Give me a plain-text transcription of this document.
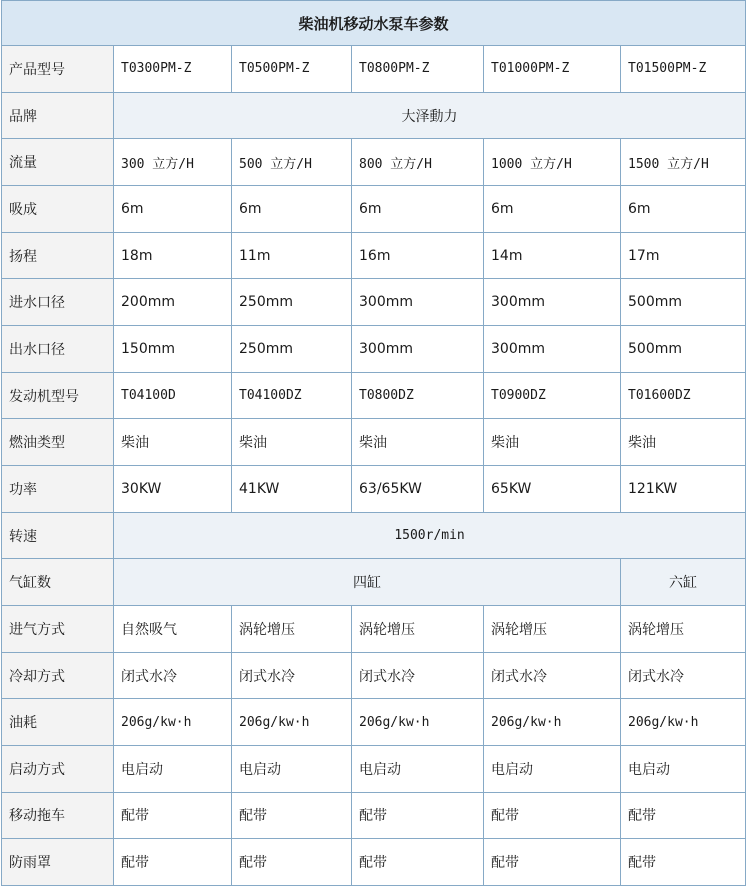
柴油机移动水泵车参数					
产品型号	T0300PM-Z	T0500PM-Z	T0800PM-Z	T01000PM-Z	T01500PM-Z
品牌	大泽動力				
流量	300 立方/H	500 立方/H	800 立方/H	1000 立方/H	1500 立方/H
吸成	6m	6m	6m	6m	6m
扬程	18m	11m	16m	14m	17m
进水口径	200mm	250mm	300mm	300mm	500mm
出水口径	150mm	250mm	300mm	300mm	500mm
发动机型号	T04100D	T04100DZ	T0800DZ	T0900DZ	T01600DZ
燃油类型	柴油	柴油	柴油	柴油	柴油
功率	30KW	41KW	63/65KW	65KW	121KW
转速	1500r/min				
气缸数	四缸				六缸
进气方式	自然吸气	涡轮增压	涡轮增压	涡轮增压	涡轮增压
冷却方式	闭式水冷	闭式水冷	闭式水冷	闭式水冷	闭式水冷
油耗	206g/kw·h	206g/kw·h	206g/kw·h	206g/kw·h	206g/kw·h
启动方式	电启动	电启动	电启动	电启动	电启动
移动拖车	配带	配带	配带	配带	配带
防雨罩	配带	配带	配带	配带	配带
